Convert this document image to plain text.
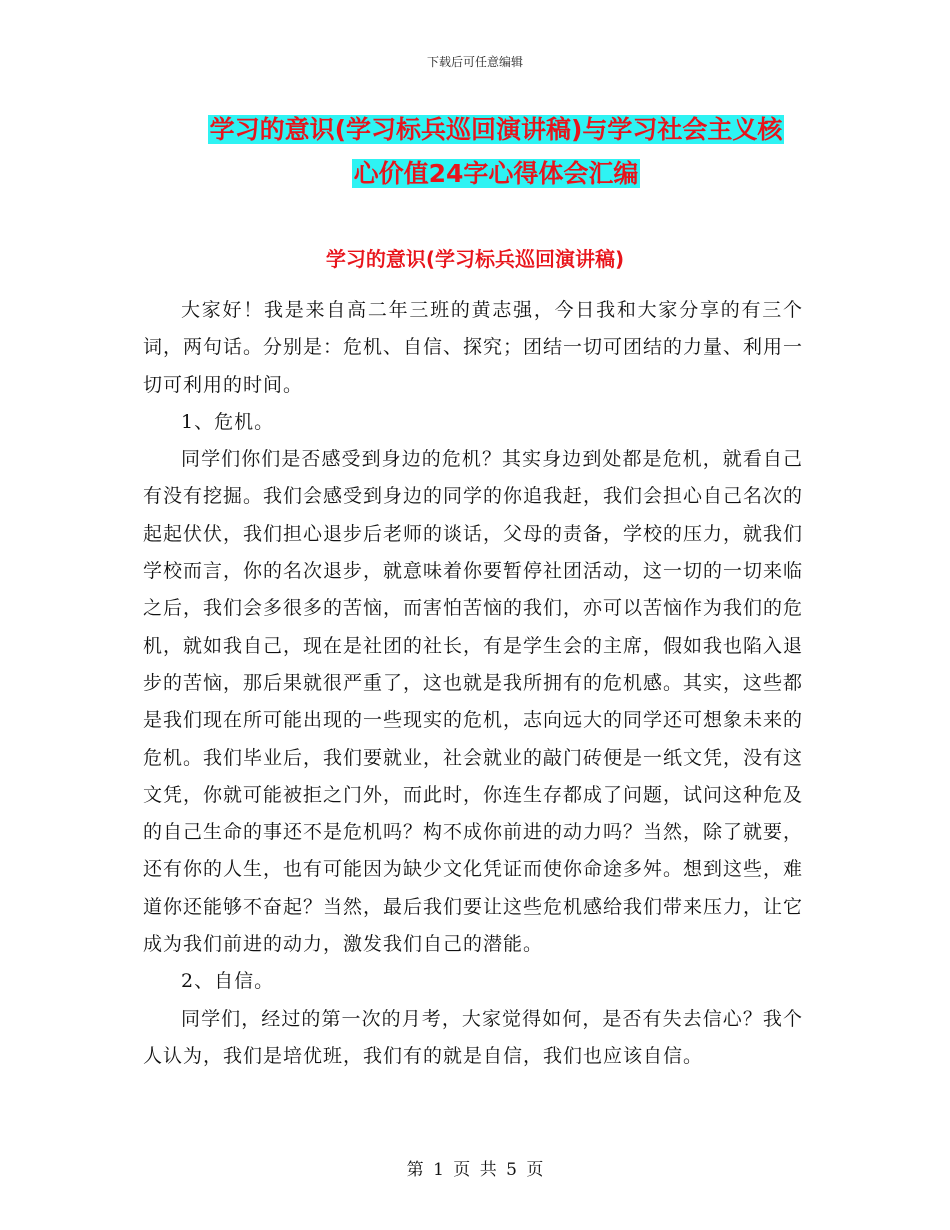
下载后可任意编辑
学习的意识(学习标兵巡回演讲稿)与学习社会主义核
心价值24字心得体会汇编
学习的意识(学习标兵巡回演讲稿)

大家好！我是来自高二年三班的黄志强，今日我和大家分享的有三个词，两句话。分别是：危机、自信、探究；团结一切可团结的力量、利用一切可利用的时间。

1、危机。

同学们你们是否感受到身边的危机？其实身边到处都是危机，就看自己有没有挖掘。我们会感受到身边的同学的你追我赶，我们会担心自己名次的起起伏伏，我们担心退步后老师的谈话，父母的责备，学校的压力，就我们学校而言，你的名次退步，就意味着你要暂停社团活动，这一切的一切来临之后，我们会多很多的苦恼，而害怕苦恼的我们，亦可以苦恼作为我们的危机，就如我自己，现在是社团的社长，有是学生会的主席，假如我也陷入退步的苦恼，那后果就很严重了，这也就是我所拥有的危机感。其实，这些都是我们现在所可能出现的一些现实的危机，志向远大的同学还可想象未来的危机。我们毕业后，我们要就业，社会就业的敲门砖便是一纸文凭，没有这文凭，你就可能被拒之门外，而此时，你连生存都成了问题，试问这种危及的自己生命的事还不是危机吗？构不成你前进的动力吗？当然，除了就要，还有你的人生，也有可能因为缺少文化凭证而使你命途多舛。想到这些，难道你还能够不奋起？当然，最后我们要让这些危机感给我们带来压力，让它成为我们前进的动力，激发我们自己的潜能。

2、自信。

同学们，经过的第一次的月考，大家觉得如何，是否有失去信心？我个人认为，我们是培优班，我们有的就是自信，我们也应该自信。

第 1 页 共 5 页
